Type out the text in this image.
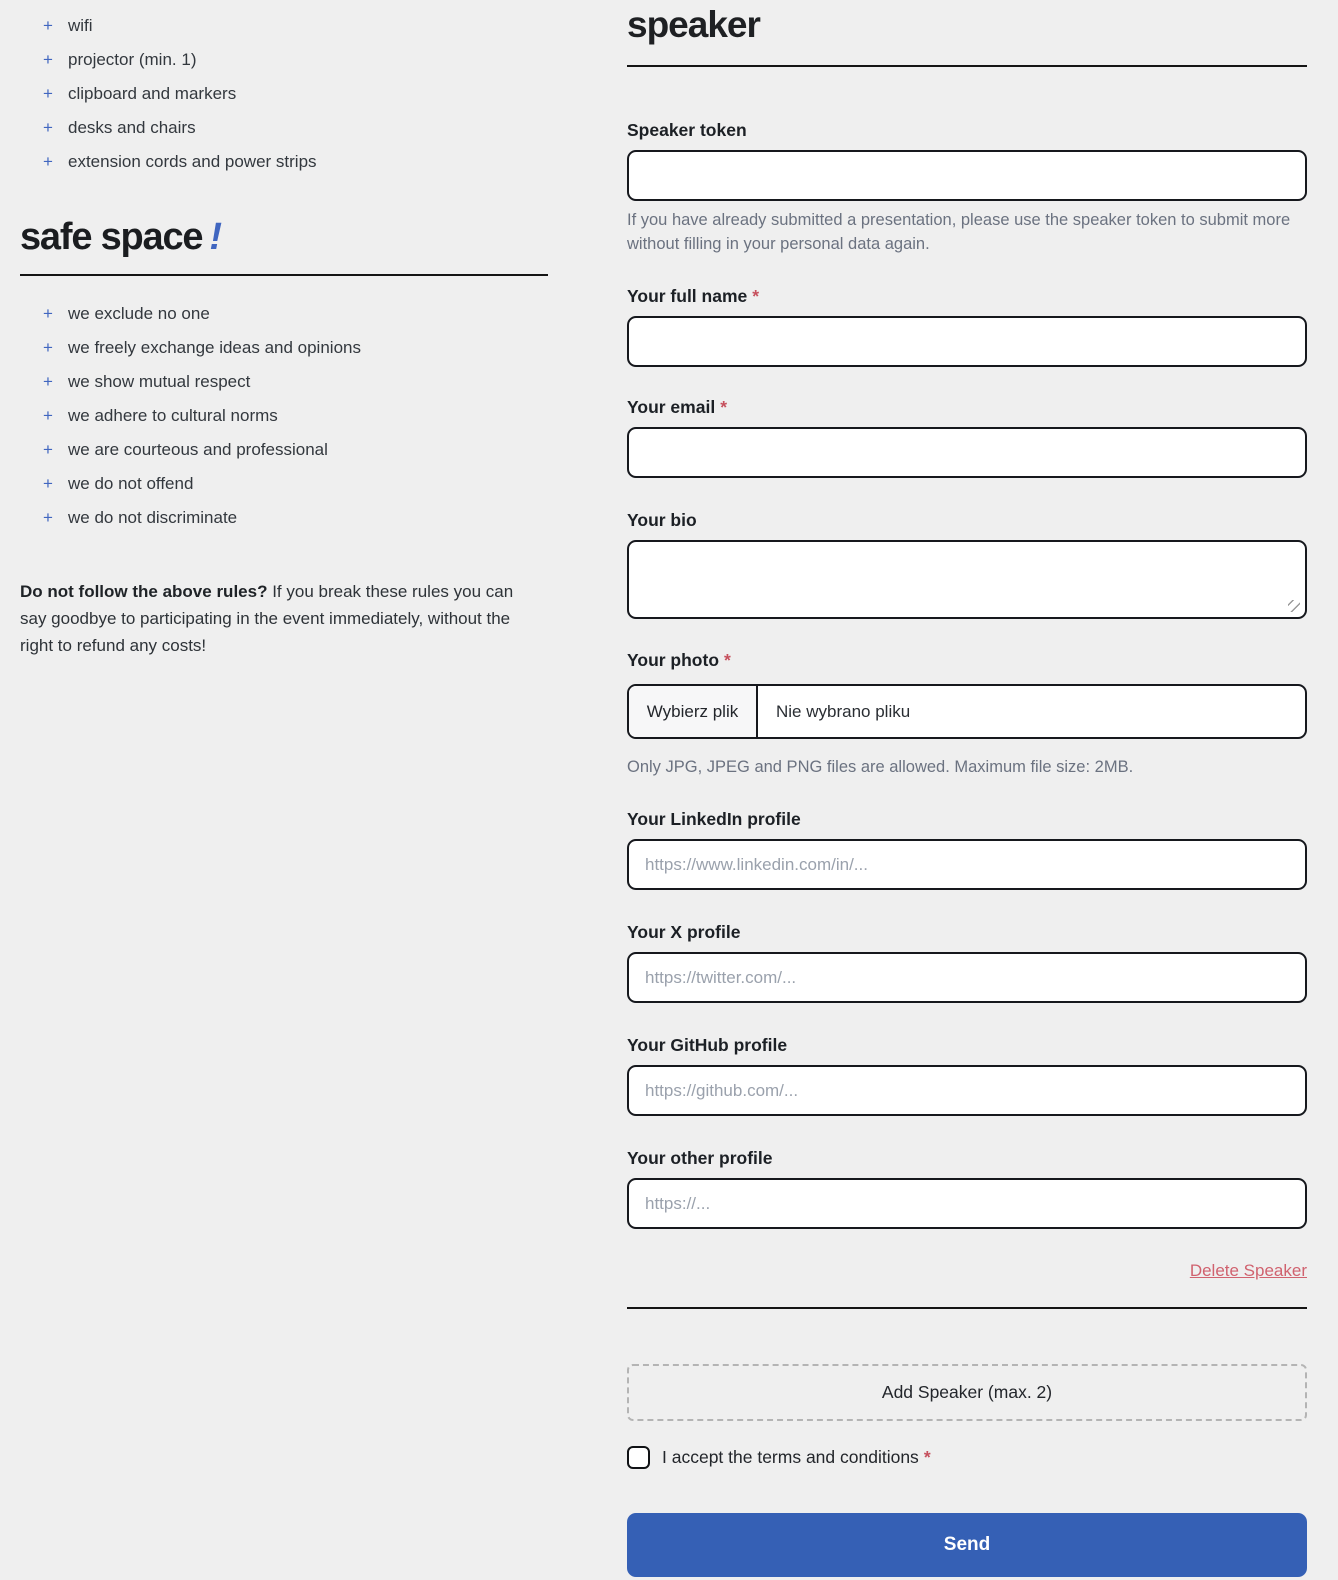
+ wifi
+ projector (min. 1)
+ clipboard and markers
+ desks and chairs
+ extension cords and power strips
safe space !
+ we exclude no one
+ we freely exchange ideas and opinions
+ we show mutual respect
+ we adhere to cultural norms
+ we are courteous and professional
+ we do not offend
+ we do not discriminate

Do not follow the above rules? If you break these rules you can say goodbye to participating in the event immediately, without the right to refund any costs!

speaker
Speaker token

If you have already submitted a presentation, please use the speaker token to submit more without filling in your personal data again.

Your full name *
Your email *
Your bio
Your photo *
Wybierz plik	Nie wybrano pliku

Only JPG, JPEG and PNG files are allowed. Maximum file size: 2MB.

Your LinkedIn profile
https://www.linkedin.com/in/...
Your X profile
https://twitter.com/...
Your GitHub profile
https://github.com/...
Your other profile
https://...
Delete Speaker
Add Speaker (max. 2)
I accept the terms and conditions *
Send
